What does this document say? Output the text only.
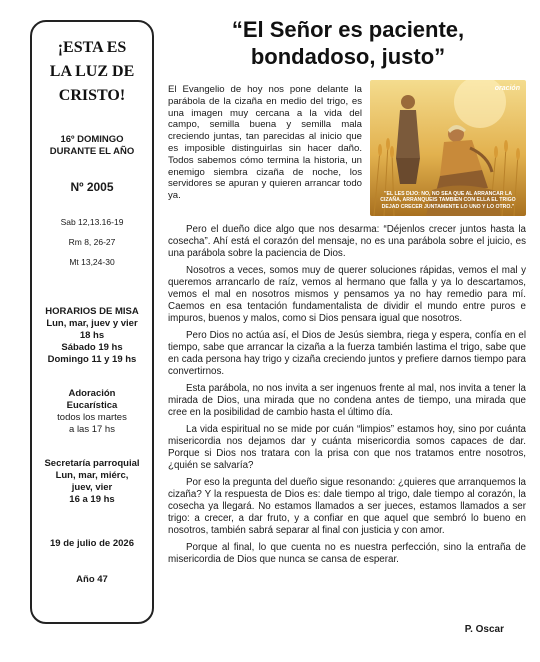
¡ESTA ES
LA LUZ DE
CRISTO!
16º DOMINGO
DURANTE EL AÑO
Nº 2005
Sab 12,13.16-19
Rm 8, 26-27
Mt 13,24-30
HORARIOS DE MISA
Lun, mar, juev y vier
18 hs
Sábado 19 hs
Domingo 11 y 19 hs
Adoración
Eucarística
todos los martes
a las 17 hs
Secretaría parroquial
Lun, mar, miérc,
juev, vier
16 a 19 hs
19 de julio de 2026
Año 47
“El Señor es paciente,
bondadoso, justo”
oración
"EL LES DIJO: NO, NO SEA QUE AL ARRANCAR LA CIZAÑA, ARRANQUEIS TAMBIEN CON ELLA EL TRIGO DEJAD CRECER JUNTAMENTE LO UNO Y LO OTRO."

El Evangelio de hoy nos pone delante la parábola de la cizaña en medio del trigo, es una imagen muy cercana a la vida del campo, semilla buena y semilla mala creciendo juntas, tan parecidas al inicio que es imposible distinguirlas sin hacer daño. Todos sabemos cómo termina la historia, un enemigo siembra cizaña de noche, los servidores se apuran y quieren arrancar todo ya.

Pero el dueño dice algo que nos desarma: “Déjenlos crecer juntos hasta la cosecha”. Ahí está el corazón del mensaje, no es una parábola sobre el juicio, es una parábola sobre la paciencia de Dios.

Nosotros a veces, somos muy de querer soluciones rápidas, vemos el mal y queremos arrancarlo de raíz, vemos al hermano que falla y ya lo descartamos, vemos el mal en nosotros mismos y pensamos ya no hay remedio para mí. Caemos en esa tentación fundamentalista de dividir el mundo entre puros e impuros, buenos y malos, como si Dios pensara igual que nosotros.

Pero Dios no actúa así, el Dios de Jesús siembra, riega y espera, confía en el tiempo, sabe que arrancar la cizaña a la fuerza también lastima el trigo, sabe que en cada persona hay trigo y cizaña creciendo juntos y prefiere darnos tiempo para convertirnos.

Esta parábola, no nos invita a ser ingenuos frente al mal, nos invita a tener la mirada de Dios, una mirada que no condena antes de tiempo, una mirada que cree en la posibilidad de cambio hasta el último día.

La vida espiritual no se mide por cuán “limpios” estamos hoy, sino por cuánta misericordia nos dejamos dar y cuánta misericordia somos capaces de dar. Porque si Dios nos tratara con la prisa con que nos tratamos entre nosotros, ¿quién se salvaría?

Por eso la pregunta del dueño sigue resonando: ¿quieres que arranquemos la cizaña? Y la respuesta de Dios es: dale tiempo al trigo, dale tiempo al corazón, la cosecha ya llegará. No estamos llamados a ser jueces, estamos llamados a ser trigo: a crecer, a dar fruto, y a confiar en que aquel que sembró lo bueno en nosotros, también sabrá separar al final con justicia y con amor.

Porque al final, lo que cuenta no es nuestra perfección, sino la entraña de misericordia de Dios que nunca se cansa de esperar.

P. Oscar
